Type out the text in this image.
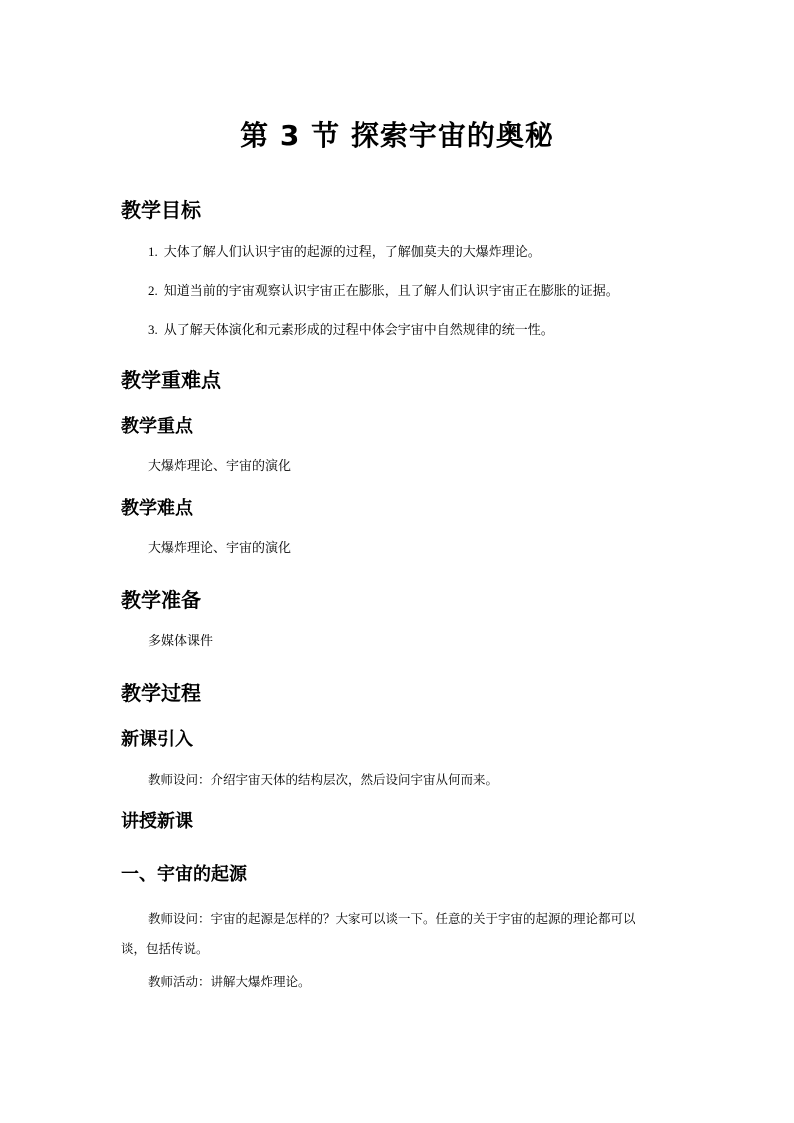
第 3 节 探索宇宙的奥秘
教学目标
1. 大体了解人们认识宇宙的起源的过程，了解伽莫夫的大爆炸理论。
2. 知道当前的宇宙观察认识宇宙正在膨胀，且了解人们认识宇宙正在膨胀的证据。
3. 从了解天体演化和元素形成的过程中体会宇宙中自然规律的统一性。
教学重难点
教学重点
大爆炸理论、宇宙的演化
教学难点
大爆炸理论、宇宙的演化
教学准备
多媒体课件
教学过程
新课引入
教师设问：介绍宇宙天体的结构层次，然后设问宇宙从何而来。
讲授新课
一、宇宙的起源
教师设问：宇宙的起源是怎样的？大家可以谈一下。任意的关于宇宙的起源的理论都可以谈，包括传说。
教师活动：讲解大爆炸理论。
